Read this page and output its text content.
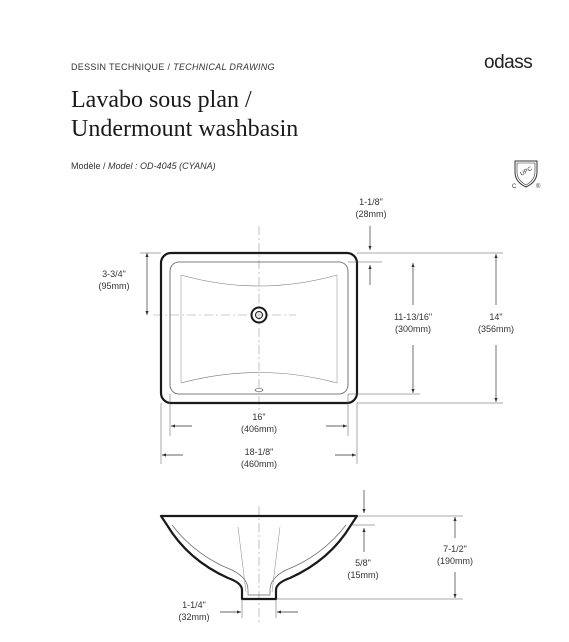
DESSIN TECHNIQUE / TECHNICAL DRAWING	odass
Lavabo sous plan /
Undermount washbasin
Modèle / Model : OD-4045 (CYANA)
UPC
C	®
1-1/8"
(28mm)
3-3/4"
(95mm)
11-13/16"
(300mm)
14"
(356mm)
16"
(406mm)
18-1/8"
(460mm)
5/8"
(15mm)
7-1/2"
(190mm)
1-1/4"
(32mm)
